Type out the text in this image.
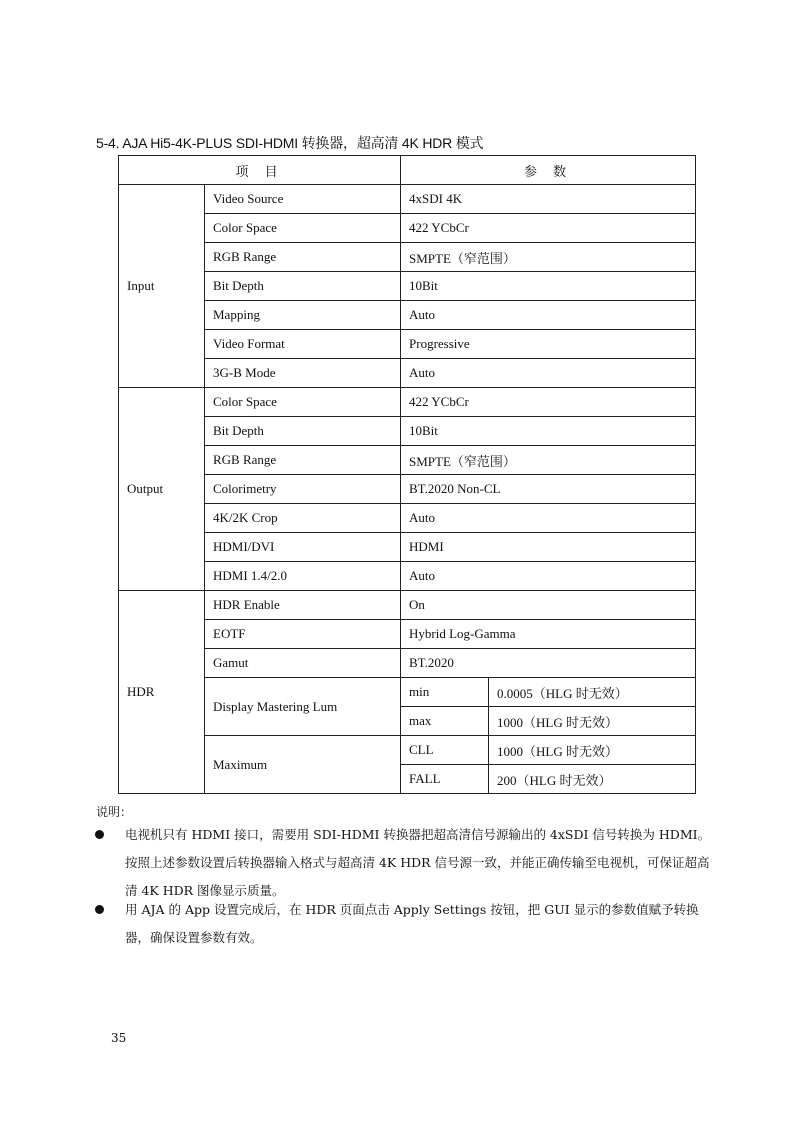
5-4. AJA Hi5-4K-PLUS SDI-HDMI 转换器，超高清 4K HDR 模式
项 目		参 数	
Input	Video Source	4xSDI 4K	
	Color Space	422 YCbCr	
	RGB Range	SMPTE（窄范围）	
	Bit Depth	10Bit	
	Mapping	Auto	
	Video Format	Progressive	
	3G-B Mode	Auto	
Output	Color Space	422 YCbCr	
	Bit Depth	10Bit	
	RGB Range	SMPTE（窄范围）	
	Colorimetry	BT.2020 Non-CL	
	4K/2K Crop	Auto	
	HDMI/DVI	HDMI	
	HDMI 1.4/2.0	Auto	
HDR	HDR Enable	On	
	EOTF	Hybrid Log-Gamma	
	Gamut	BT.2020	
	Display Mastering Lum	min	0.0005（HLG 时无效）
		max	1000（HLG 时无效）
	Maximum	CLL	1000（HLG 时无效）
		FALL	200（HLG 时无效）
说明：
电视机只有 HDMI 接口，需要用 SDI-HDMI 转换器把超高清信号源输出的 4xSDI 信号转换为 HDMI。按照上述参数设置后转换器输入格式与超高清 4K HDR 信号源一致，并能正确传输至电视机，可保证超高清 4K HDR 图像显示质量。
用 AJA 的 App 设置完成后，在 HDR 页面点击 Apply Settings 按钮，把 GUI 显示的参数值赋予转换器，确保设置参数有效。
35
